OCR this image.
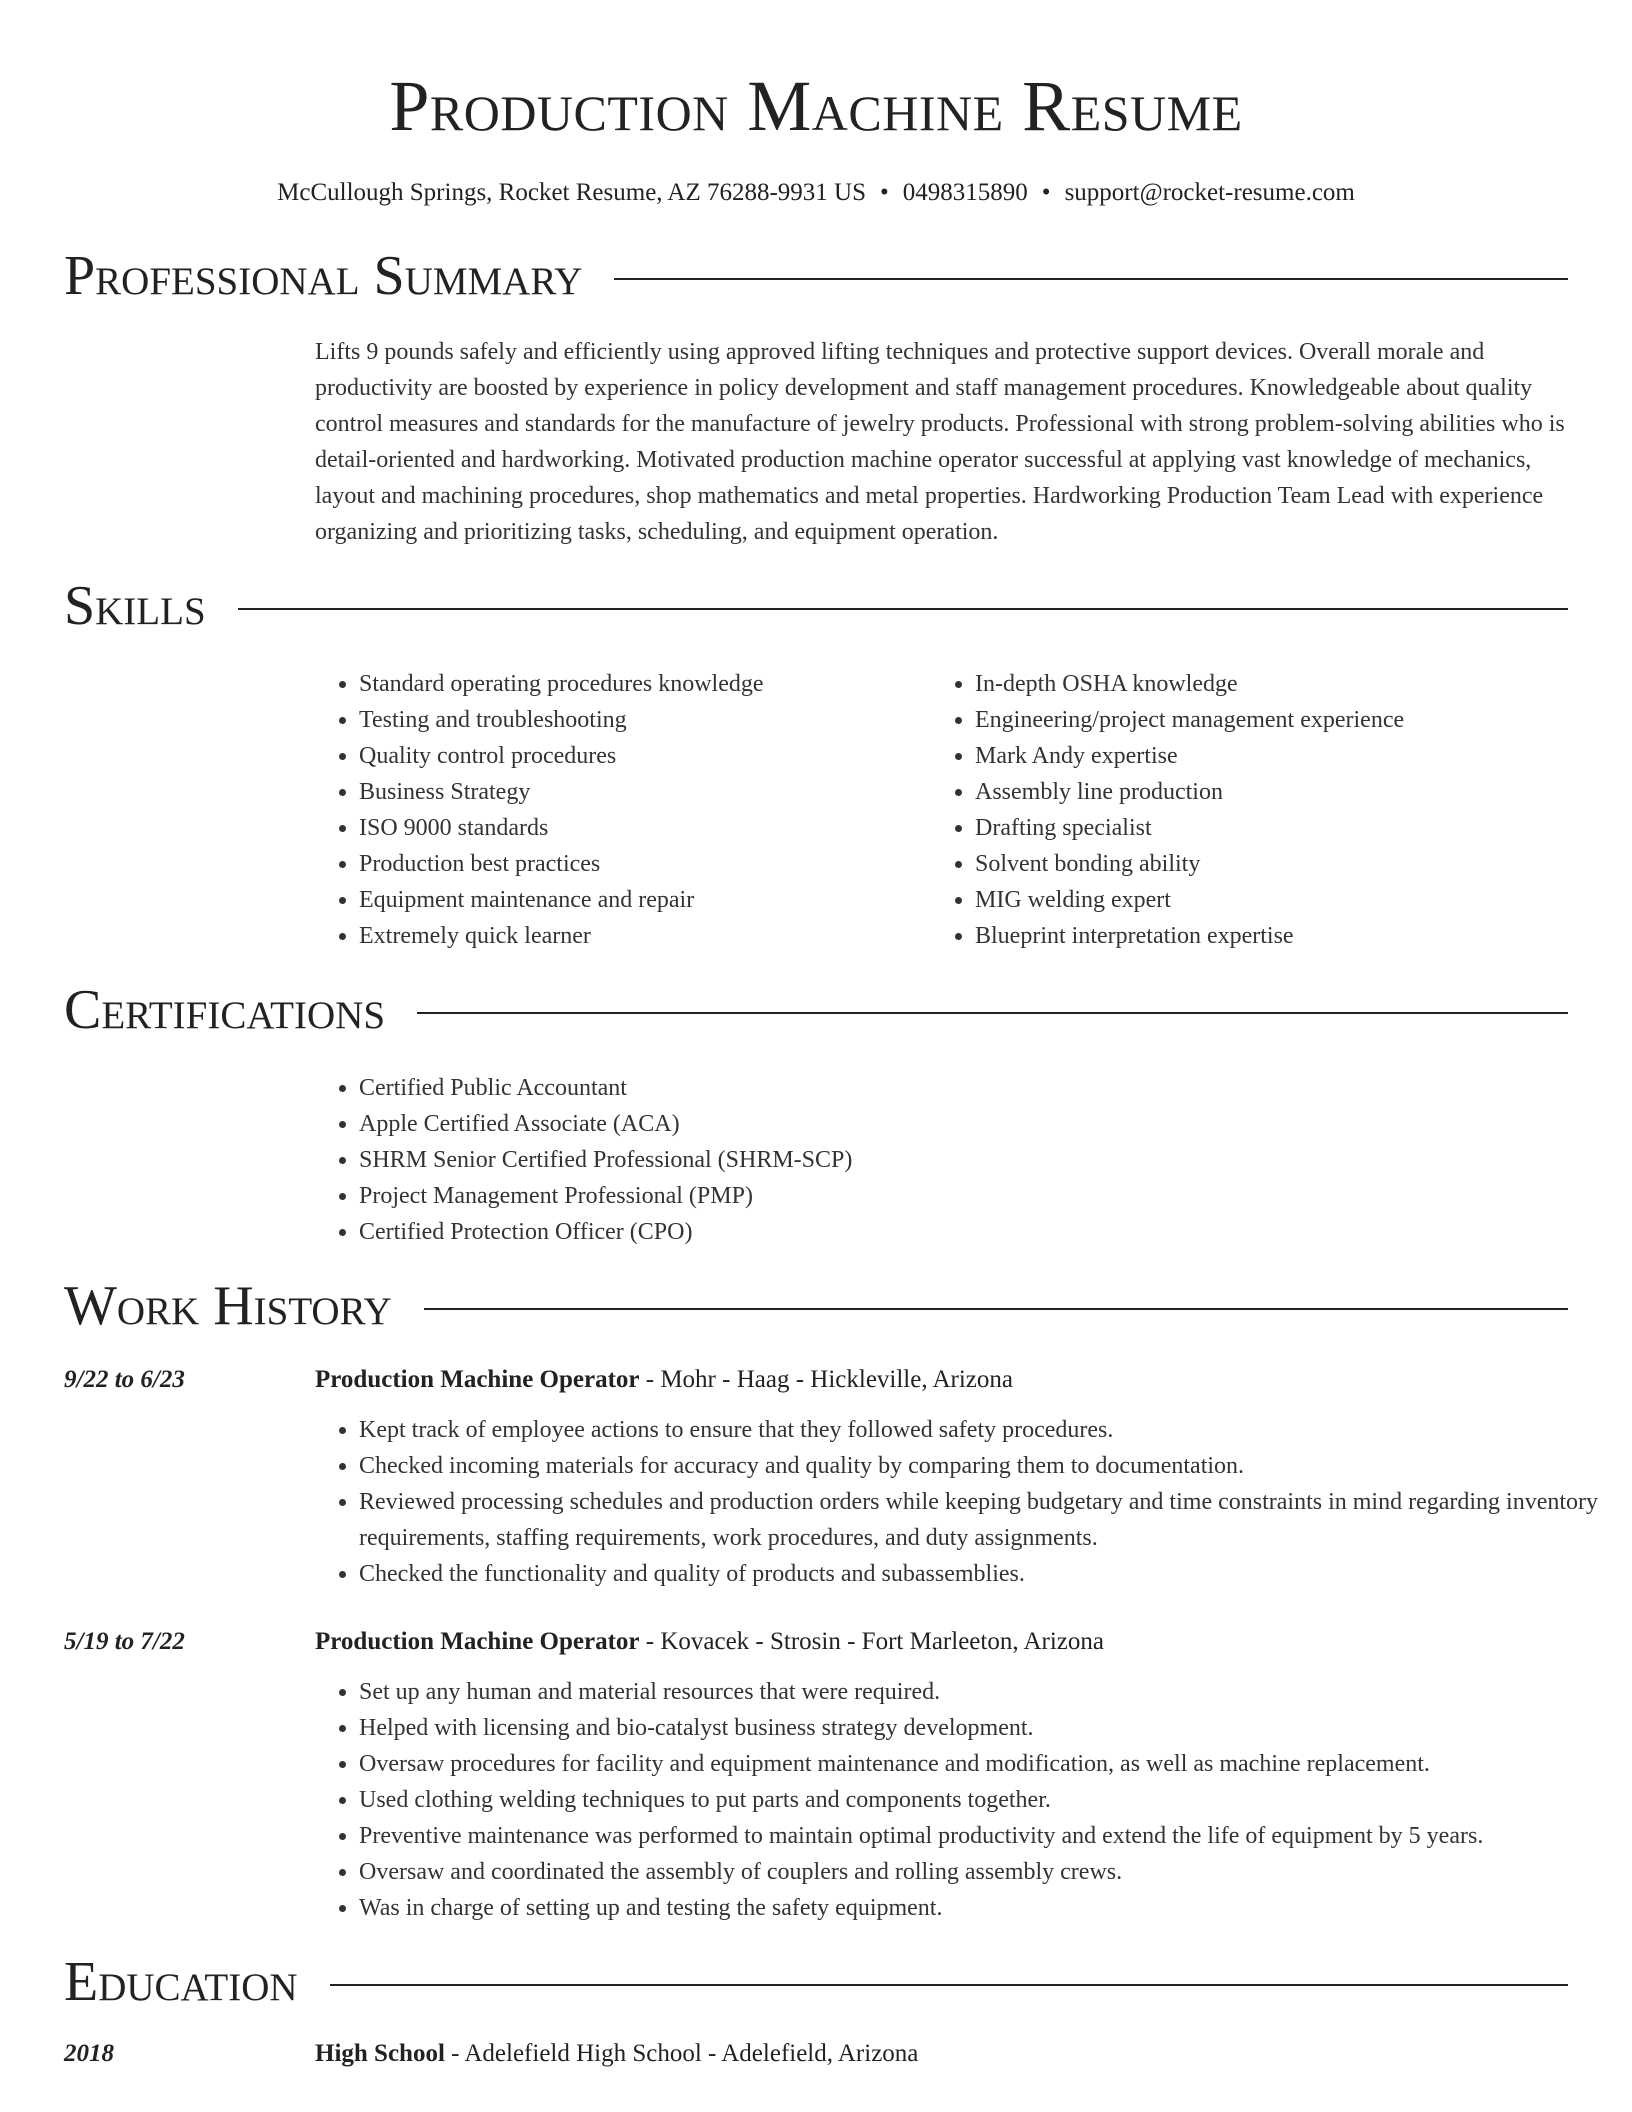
Production Machine Resume
McCullough Springs, Rocket Resume, AZ 76288-9931 US • 0498315890 • support@rocket-resume.com
Professional Summary
Lifts 9 pounds safely and efficiently using approved lifting techniques and protective support devices. Overall morale and productivity are boosted by experience in policy development and staff management procedures. Knowledgeable about quality control measures and standards for the manufacture of jewelry products. Professional with strong problem-solving abilities who is detail-oriented and hardworking. Motivated production machine operator successful at applying vast knowledge of mechanics, layout and machining procedures, shop mathematics and metal properties. Hardworking Production Team Lead with experience organizing and prioritizing tasks, scheduling, and equipment operation.
Skills
• Standard operating procedures knowledge
• Testing and troubleshooting
• Quality control procedures
• Business Strategy
• ISO 9000 standards
• Production best practices
• Equipment maintenance and repair
• Extremely quick learner
• In-depth OSHA knowledge
• Engineering/project management experience
• Mark Andy expertise
• Assembly line production
• Drafting specialist
• Solvent bonding ability
• MIG welding expert
• Blueprint interpretation expertise
Certifications
• Certified Public Accountant
• Apple Certified Associate (ACA)
• SHRM Senior Certified Professional (SHRM-SCP)
• Project Management Professional (PMP)
• Certified Protection Officer (CPO)
Work History
9/22 to 6/23	Production Machine Operator - Mohr - Haag - Hickleville, Arizona
• Kept track of employee actions to ensure that they followed safety procedures.
• Checked incoming materials for accuracy and quality by comparing them to documentation.
• Reviewed processing schedules and production orders while keeping budgetary and time constraints in mind regarding inventory requirements, staffing requirements, work procedures, and duty assignments.
• Checked the functionality and quality of products and subassemblies.
5/19 to 7/22	Production Machine Operator - Kovacek - Strosin - Fort Marleeton, Arizona
• Set up any human and material resources that were required.
• Helped with licensing and bio-catalyst business strategy development.
• Oversaw procedures for facility and equipment maintenance and modification, as well as machine replacement.
• Used clothing welding techniques to put parts and components together.
• Preventive maintenance was performed to maintain optimal productivity and extend the life of equipment by 5 years.
• Oversaw and coordinated the assembly of couplers and rolling assembly crews.
• Was in charge of setting up and testing the safety equipment.
Education
2018	High School - Adelefield High School - Adelefield, Arizona
